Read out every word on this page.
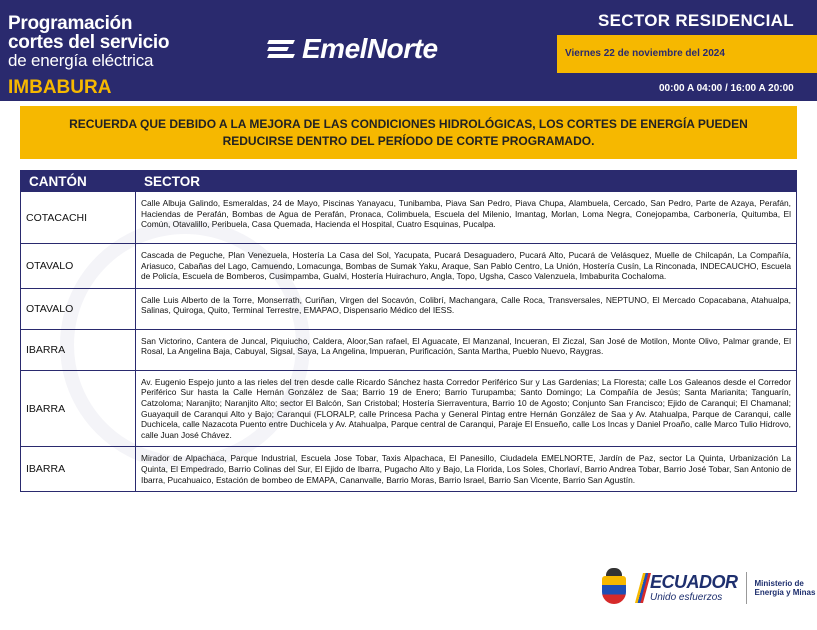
Programación
cortes del servicio
de energía eléctrica
IMBABURA
EmelNorte
SECTOR RESIDENCIAL
Viernes 22 de noviembre del 2024
00:00 A 04:00 / 16:00 A 20:00
RECUERDA QUE DEBIDO A LA MEJORA DE LAS CONDICIONES HIDROLÓGICAS, LOS CORTES DE ENERGÍA PUEDEN REDUCIRSE DENTRO DEL PERÍODO DE CORTE PROGRAMADO.
CANTÓN	SECTOR
COTACACHI	Calle Albuja Galindo, Esmeraldas, 24 de Mayo, Piscinas Yanayacu, Tunibamba, Piava San Pedro, Piava Chupa, Alambuela, Cercado, San Pedro, Parte de Azaya, Perafán, Haciendas de Perafán, Bombas de Agua de Perafán, Pronaca, Colimbuela, Escuela del Milenio, Imantag, Morlan, Loma Negra, Conejopamba, Carbonería, Quitumba, El Común, Otavalillo, Peribuela, Casa Quemada, Hacienda el Hospital, Cuatro Esquinas, Pucalpa.
OTAVALO	Cascada de Peguche, Plan Venezuela, Hostería La Casa del Sol, Yacupata, Pucará Desaguadero, Pucará Alto, Pucará de Velásquez, Muelle de Chilcapán, La Compañía, Ariasuco, Cabañas del Lago, Camuendo, Lomacunga, Bombas de Sumak Yaku, Araque, San Pablo Centro, La Unión, Hostería Cusín, La Rinconada, INDECAUCHO, Escuela de Policía, Escuela de Bomberos, Cusimpamba, Gualvi, Hostería Huirachuro, Angla, Topo, Ugsha, Casco Valenzuela, Imbaburita Cochaloma.
OTAVALO	Calle Luis Alberto de la Torre, Monserrath, Curiñan, Virgen del Socavón, Colibrí, Machangara, Calle Roca, Transversales, NEPTUNO, El Mercado Copacabana, Atahualpa, Salinas, Quiroga, Quito, Terminal Terrestre, EMAPAO, Dispensario Médico del IESS.
IBARRA	San Victorino, Cantera de Juncal, Piquiucho, Caldera, Aloor,San rafael, El Aguacate, El Manzanal, Incueran, El Ziczal, San José de Motilon, Monte Olivo, Palmar grande, El Rosal, La Angelina Baja, Cabuyal, Sigsal, Saya, La Angelina, Impueran, Purificación, Santa Martha, Pueblo Nuevo, Raygras.
IBARRA	Av. Eugenio Espejo junto a las rieles del tren desde calle Ricardo Sánchez hasta Corredor Periférico Sur y Las Gardenias; La Floresta; calle Los Galeanos desde el Corredor Periférico Sur hasta la Calle Hernán González de Saa; Barrio 19 de Enero; Barrio Turupamba; Santo Domingo; La Compañía de Jesús; Santa Marianita; Tanguarín, Catzoloma; Naranjito; Naranjito Alto; sector El Balcón, San Cristobal; Hostería Sierraventura, Barrio 10 de Agosto; Conjunto San Francisco; Ejido de Caranqui; El Chamanal; Guayaquil de Caranqui Alto y Bajo; Caranqui (FLORALP, calle Princesa Pacha y General Pintag entre Hernán González de Saa y Av. Atahualpa, Parque de Caranqui, calle Duchicela, calle Nazacota Puento entre Duchicela y Av. Atahualpa, Parque central de Caranqui, Paraje El Ensueño, calle Los Incas y Daniel Proaño, calle Marco Tulio Hidrovo, calle Juan José Chávez.
IBARRA	Mirador de Alpachaca, Parque Industrial, Escuela Jose Tobar, Taxis Alpachaca, El Panesillo, Ciudadela EMELNORTE, Jardín de Paz, sector La Quinta, Urbanización La Quinta, El Empedrado, Barrio Colinas del Sur, El Ejido de Ibarra, Pugacho Alto y Bajo, La Florida, Los Soles, Chorlaví, Barrio Andrea Tobar, Barrio José Tobar, San Antonio de Ibarra, Pucahuaico, Estación de bombeo de EMAPA, Cananvalle, Barrio Moras, Barrio Israel, Barrio San Vicente, Barrio San Agustín.
ECUADOR
Unido esfuerzos
Ministerio de
Energía y Minas
